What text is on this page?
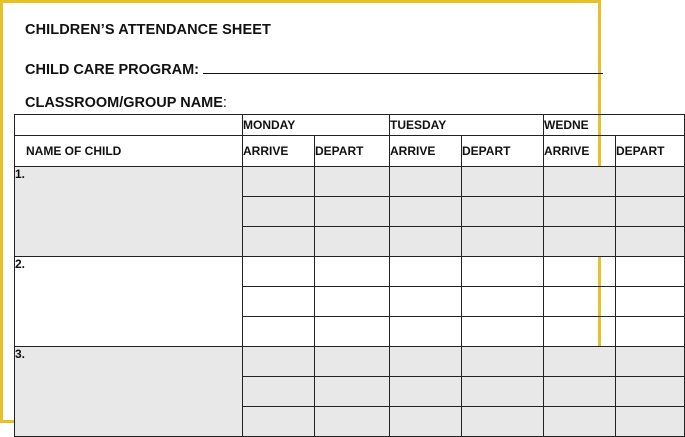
CHILDREN’S ATTENDANCE SHEET
CHILD CARE PROGRAM:
CLASSROOM/GROUP NAME:
	MONDAY		TUESDAY		WEDNE	
NAME OF CHILD	ARRIVE	DEPART	ARRIVE	DEPART	ARRIVE	DEPART
1.						

2.						

3.						
